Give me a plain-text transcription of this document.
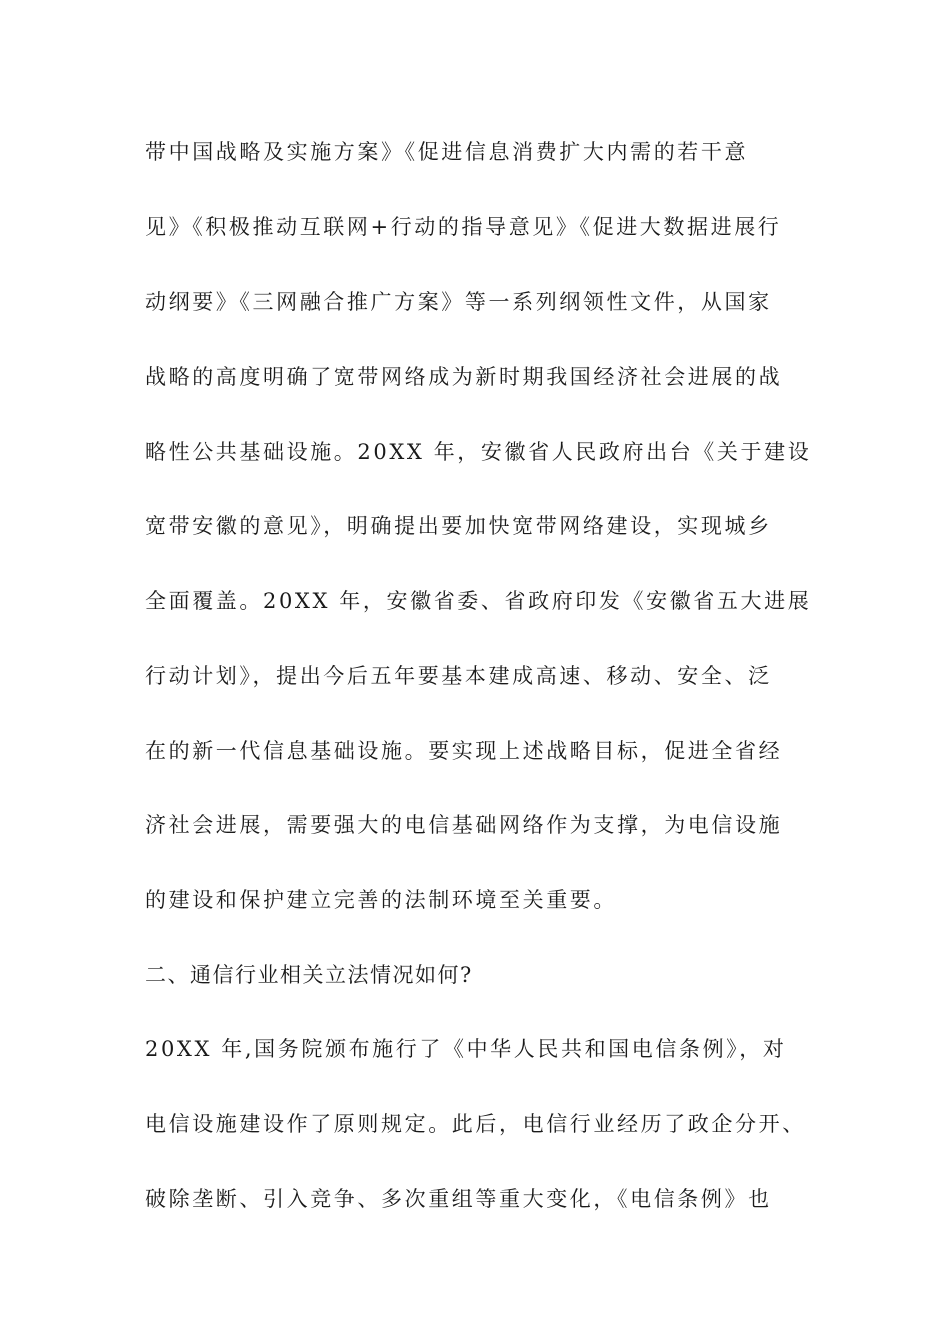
带中国战略及实施方案》《促进信息消费扩大内需的若干意
见》《积极推动互联网+行动的指导意见》《促进大数据进展行
动纲要》《三网融合推广方案》等一系列纲领性文件，从国家
战略的高度明确了宽带网络成为新时期我国经济社会进展的战
略性公共基础设施。20XX 年，安徽省人民政府出台《关于建设
宽带安徽的意见》，明确提出要加快宽带网络建设，实现城乡
全面覆盖。20XX 年，安徽省委、省政府印发《安徽省五大进展
行动计划》，提出今后五年要基本建成高速、移动、安全、泛
在的新一代信息基础设施。要实现上述战略目标，促进全省经
济社会进展，需要强大的电信基础网络作为支撑，为电信设施
的建设和保护建立完善的法制环境至关重要。
二、通信行业相关立法情况如何?
20XX 年,国务院颁布施行了《中华人民共和国电信条例》，对
电信设施建设作了原则规定。此后，电信行业经历了政企分开、
破除垄断、引入竞争、多次重组等重大变化，《电信条例》也
